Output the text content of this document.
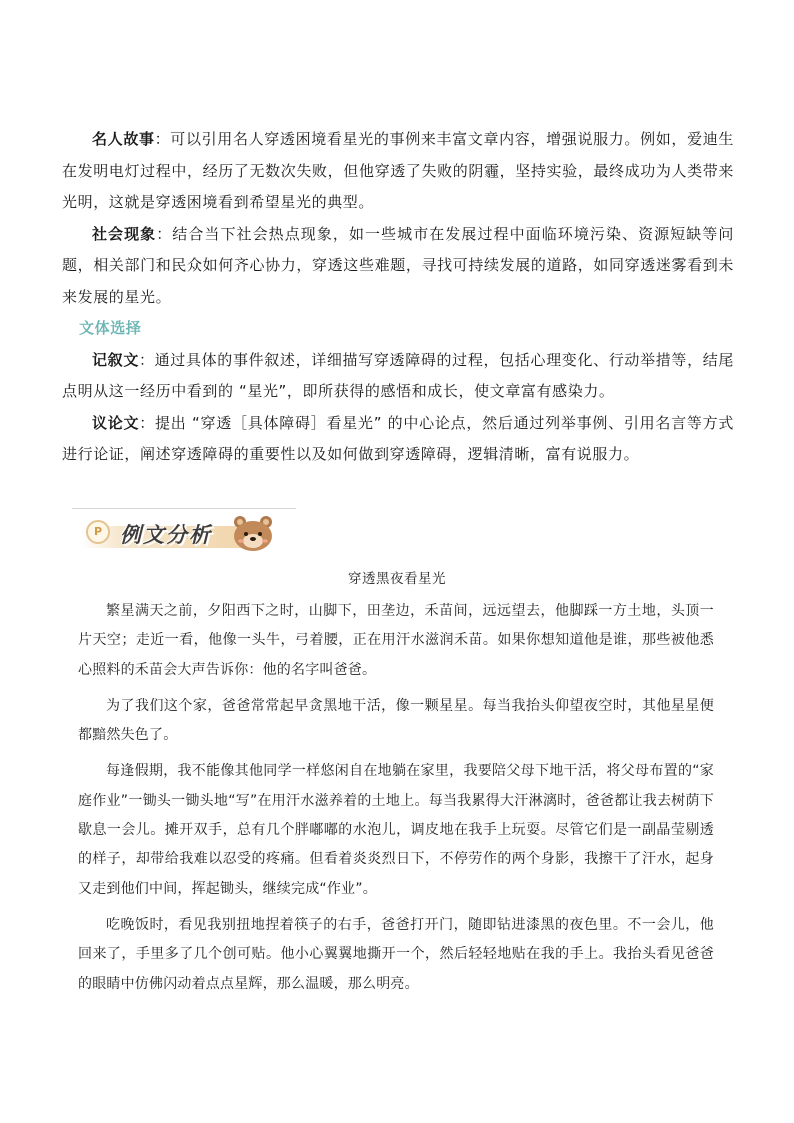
名人故事：可以引用名人穿透困境看星光的事例来丰富文章内容，增强说服力。例如，爱迪生在发明电灯过程中，经历了无数次失败，但他穿透了失败的阴霾，坚持实验，最终成功为人类带来光明，这就是穿透困境看到希望星光的典型。

社会现象：结合当下社会热点现象，如一些城市在发展过程中面临环境污染、资源短缺等问题，相关部门和民众如何齐心协力，穿透这些难题，寻找可持续发展的道路，如同穿透迷雾看到未来发展的星光。

文体选择

记叙文：通过具体的事件叙述，详细描写穿透障碍的过程，包括心理变化、行动举措等，结尾点明从这一经历中看到的 “星光”，即所获得的感悟和成长，使文章富有感染力。

议论文：提出 “穿透［具体障碍］看星光” 的中心论点，然后通过列举事例、引用名言等方式进行论证，阐述穿透障碍的重要性以及如何做到穿透障碍，逻辑清晰，富有说服力。

P 例文分析
穿透黑夜看星光

繁星满天之前，夕阳西下之时，山脚下，田垄边，禾苗间，远远望去，他脚踩一方土地，头顶一片天空；走近一看，他像一头牛，弓着腰，正在用汗水滋润禾苗。如果你想知道他是谁，那些被他悉心照料的禾苗会大声告诉你：他的名字叫爸爸。

为了我们这个家，爸爸常常起早贪黑地干活，像一颗星星。每当我抬头仰望夜空时，其他星星便都黯然失色了。

每逢假期，我不能像其他同学一样悠闲自在地躺在家里，我要陪父母下地干活，将父母布置的“家庭作业”一锄头一锄头地“写”在用汗水滋养着的土地上。每当我累得大汗淋漓时，爸爸都让我去树荫下歇息一会儿。摊开双手，总有几个胖嘟嘟的水泡儿，调皮地在我手上玩耍。尽管它们是一副晶莹剔透的样子，却带给我难以忍受的疼痛。但看着炎炎烈日下，不停劳作的两个身影，我擦干了汗水，起身又走到他们中间，挥起锄头，继续完成“作业”。

吃晚饭时，看见我别扭地捏着筷子的右手，爸爸打开门，随即钻进漆黑的夜色里。不一会儿，他回来了，手里多了几个创可贴。他小心翼翼地撕开一个，然后轻轻地贴在我的手上。我抬头看见爸爸的眼睛中仿佛闪动着点点星辉，那么温暖，那么明亮。
